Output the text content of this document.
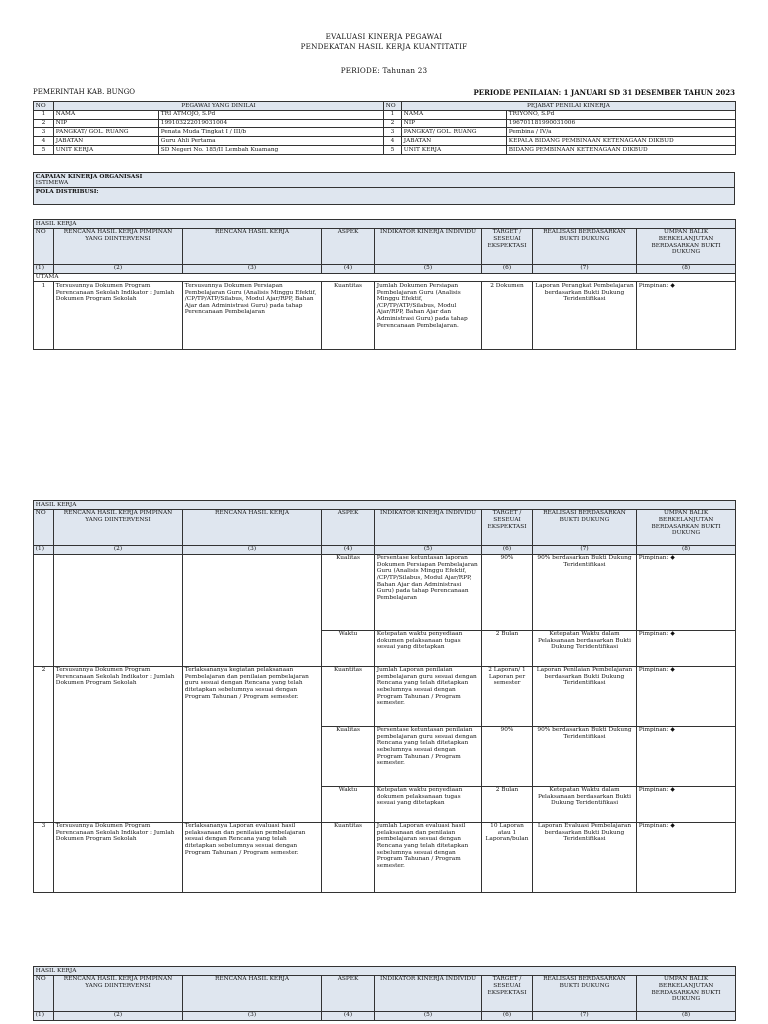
EVALUASI KINERJA PEGAWAI
PENDEKATAN HASIL KERJA KUANTITATIF
PERIODE: Tahunan 23
PEMERINTAH KAB. BUNGO	PERIODE PENILAIAN: 1 JANUARI SD 31 DESEMBER TAHUN 2023
NO	PEGAWAI YANG DINILAI		NO	PEJABAT PENILAI KINERJA	
1	NAMA	TRI ATMOJO, S.Pd	1	NAMA	TRIYONO, S.Pd
2	NIP	199103222019031004	2	NIP	196701181990031006
3	PANGKAT/ GOL. RUANG	Penata Muda Tingkat I / III/b	3	PANGKAT/ GOL. RUANG	Pembina / IV/a
4	JABATAN	Guru Ahli Pertama	4	JABATAN	KEPALA BIDANG PEMBINAAN KETENAGAAN DIKBUD
5	UNIT KERJA	SD Negeri No. 185/II Lembah Kuamang	5	UNIT KERJA	BIDANG PEMBINAAN KETENAGAAN DIKBUD
CAPAIAN KINERJA ORGANISASI
ISTIMEWA

POLA DISTRIBUSI:
HASIL KERJA							
NO	RENCANA HASIL KERJA PIMPINAN YANG DIINTERVENSI	RENCANA HASIL KERJA	ASPEK	INDIKATOR KINERJA INDIVIDU	TARGET / SESEUAI EKSPEKTASI	REALISASI BERDASARKAN BUKTI DUKUNG	UMPAN BALIK BERKELANJUTAN BERDASARKAN BUKTI DUKUNG
(1)	(2)	(3)	(4)	(5)	(6)	(7)	(8)
UTAMA							
1	Tersusunnya Dokumen Program Perencanaan Sekolah Indikator : Jumlah Dokumen Program Sekolah	Tersusunnya Dokumen Persiapan Pembelajaran Guru (Analisis Minggu Efektif, /CP/TP/ATP/Silabus, Modul Ajar/RPP, Bahan Ajar dan Administrasi Guru) pada tahap Perencanaan Pembelajaran	Kuantitas	Jumlah Dokumen Persiapan Pembelajaran Guru (Analisis Minggu Efektif, /CP/TP/ATP/Silabus, Modul Ajar/RPP, Bahan Ajar dan Administrasi Guru) pada tahap Perencanaan Pembelajaran.	2 Dokumen	Laporan Perangkat Pembelajaran berdasarkan Bukti Dukung Teridentifikasi	Pimpinan: ◆
HASIL KERJA							
NO	RENCANA HASIL KERJA PIMPINAN YANG DIINTERVENSI	RENCANA HASIL KERJA	ASPEK	INDIKATOR KINERJA INDIVIDU	TARGET / SESEUAI EKSPEKTASI	REALISASI BERDASARKAN BUKTI DUKUNG	UMPAN BALIK BERKELANJUTAN BERDASARKAN BUKTI DUKUNG
(1)	(2)	(3)	(4)	(5)	(6)	(7)	(8)
			Kualitas	Persentase ketuntasan laporan Dokumen Persiapan Pembelajaran Guru (Analisis Minggu Efektif, /CP/TP/Silabus, Modul Ajar/RPP, Bahan Ajar dan Administrasi Guru) pada tahap Perencanaan Pembelajaran	90%	90% berdasarkan Bukti Dukung Teridentifikasi	Pimpinan: ◆
			Waktu	Ketepatan waktu penyediaan dokumen pelaksanaan tugas sesuai yang ditetapkan	2 Bulan	Ketepatan Waktu dalam Pelaksanaan berdasarkan Bukti Dukung Teridentifikasi	Pimpinan: ◆
2	Tersusunnya Dokumen Program Perencanaan Sekolah Indikator : Jumlah Dokumen Program Sekolah	Terlaksananya kegiatan pelaksanaan Pembelajaran dan penilaian pembelajaran guru sesuai dengan Rencana yang telah ditetapkan sebelumnya sesuai dengan Program Tahunan / Program semester.	Kuantitas	Jumlah Laporan penilaian pembelajaran guru sesuai dengan Rencana yang telah ditetapkan sebelumnya sesuai dengan Program Tahunan / Program semester.	2 Laporan/ 1 Laporan per semester	Laporan Penilaian Pembelajaran berdasarkan Bukti Dukung Teridentifikasi	Pimpinan: ◆
			Kualitas	Persentase ketuntasan penilaian pembelajaran guru sesuai dengan Rencana yang telah ditetapkan sebelumnya sesuai dengan Program Tahunan / Program semester.	90%	90% berdasarkan Bukti Dukung Teridentifikasi	Pimpinan: ◆
			Waktu	Ketepatan waktu penyediaan dokumen pelaksanaan tugas sesuai yang ditetapkan	2 Bulan	Ketepatan Waktu dalam Pelaksanaan berdasarkan Bukti Dukung Teridentifikasi	Pimpinan: ◆
3	Tersusunnya Dokumen Program Perencanaan Sekolah Indikator : Jumlah Dokumen Program Sekolah	Terlaksananya Laporan evaluasi hasil pelaksanaan dan penilaian pembelajaran sesuai dengan Rencana yang telah ditetapkan sebelumnya sesuai dengan Program Tahunan / Program semester.	Kuantitas	Jumlah Laporan evaluasi hasil pelaksanaan dan penilaian pembelajaran sesuai dengan Rencana yang telah ditetapkan sebelumnya sesuai dengan Program Tahunan / Program semester.	10 Laporan atau 1 Laporan/bulan	Laporan Evaluasi Pembelajaran berdasarkan Bukti Dukung Teridentifikasi	Pimpinan: ◆
HASIL KERJA							
NO	RENCANA HASIL KERJA PIMPINAN YANG DIINTERVENSI	RENCANA HASIL KERJA	ASPEK	INDIKATOR KINERJA INDIVIDU	TARGET / SESEUAI EKSPEKTASI	REALISASI BERDASARKAN BUKTI DUKUNG	UMPAN BALIK BERKELANJUTAN BERDASARKAN BUKTI DUKUNG
(1)	(2)	(3)	(4)	(5)	(6)	(7)	(8)
